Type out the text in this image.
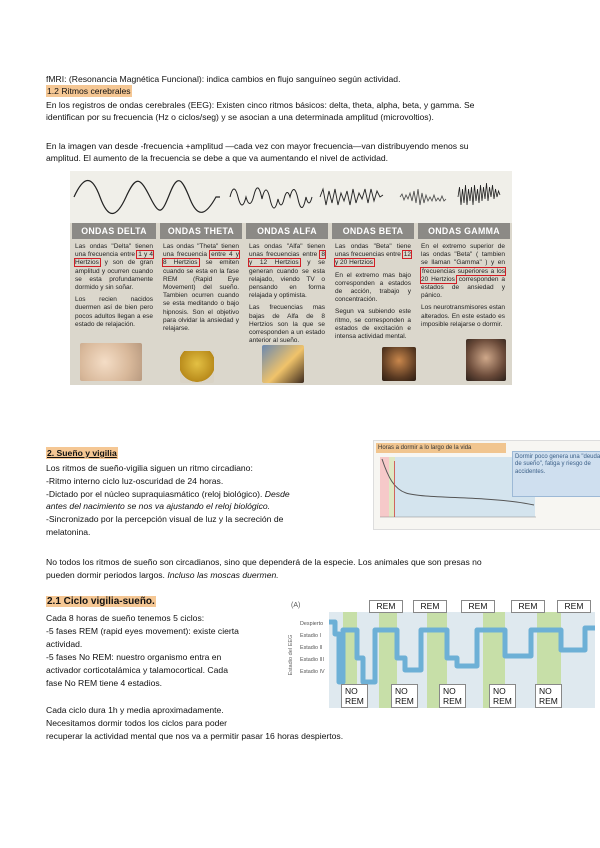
fMRI: (Resonancia Magnética Funcional): indica cambios en flujo sanguíneo según actividad.
1.2 Ritmos cerebrales
En los registros de ondas cerebrales (EEG): Existen cinco ritmos básicos: delta, theta, alpha, beta, y gamma. Se
identifican por su frecuencia (Hz o ciclos/seg) y se asocian a una determinada amplitud (microvoltios).
En la imagen van desde -frecuencia +amplitud —cada vez con mayor frecuencia—van distribuyendo menos su
amplitud. El aumento de la frecuencia se debe a que va aumentando el nivel de actividad.
ONDAS DELTA

Las ondas "Delta" tienen una frecuencia entre 1 y 4 Hertzios y son de gran amplitud y ocurren cuando se esta profundamente dormido y sin soñar.

Los recien nacidos duermen así de bien pero pocos adultos llegan a ese estado de relajación.

ONDAS THETA

Las ondas "Theta" tienen una frecuencia entre 4 y 8 Hertzios se emiten cuando se esta en la fase REM (Rapid Eye Movement) del sueño. Tambien ocurren cuando se esta meditando o bajo hipnosis. Son el objetivo para olvidar la ansiedad y relajarse.

ONDAS ALFA

Las ondas "Alfa" tienen unas frecuencias entre 8 y 12 Hertzios y se generan cuando se esta relajado, viendo TV o pensando en forma relajada y optimista.

Las frecuencias mas bajas de Alfa de 8 Hertzios son la que se corresponden a un estado anterior al sueño.

ONDAS BETA

Las ondas "Beta" tiene unas frecuencias entre 12 y 20 Hertzios

En el extremo mas bajo corresponden a estados de acción, trabajo y concentración.

Segun va subiendo este ritmo, se corresponden a estados de excitación e intensa actividad mental.

ONDAS GAMMA

En el extremo superior de las ondas "Beta" ( tambien se llaman "Gamma" ) y en frecuencias superiores a los 20 Hertzios corresponden a estados de ansiedad y pánico.

Los neurotransmisores estan alterados. En este estado es imposible relajarse o dormir.

2. Sueño y vigilia
Los ritmos de sueño-vigilia siguen un ritmo circadiano:
-Ritmo interno ciclo luz-oscuridad de 24 horas.
-Dictado por el núcleo supraquiasmático (reloj biológico). Desde
antes del nacimiento se nos va ajustando el reloj biológico.
-Sincronizado por la percepción visual de luz y la secreción de
melatonina.
Horas a dormir a lo largo de la vida
Dormir poco genera una "deuda de sueño", fatiga y riesgo de accidentes.
No todos los ritmos de sueño son circadianos, sino que dependerá de la especie. Los animales que son presas no
pueden dormir periodos largos. Incluso las moscas duermen.
2.1 Ciclo vigilia-sueño.
Cada 8 horas de sueño tenemos 5 ciclos:
-5 fases REM (rapid eyes movement): existe cierta
actividad.
-5 fases No REM: nuestro organismo entra en
activador corticotalámica y talamocortical. Cada
fase No REM tiene 4 estadios.
Cada ciclo dura 1h y media aproximadamente.
Necesitamos dormir todos los ciclos para poder
recuperar la actividad mental que nos va a permitir pasar 16 horas despiertos.
(A)
Estadio del EEG
Despierto
Estadio I
Estadio II
Estadio III
Estadio IV
REM	REM	REM	REM	REM
NO
REM
NO
REM
NO
REM
NO
REM
NO
REM
